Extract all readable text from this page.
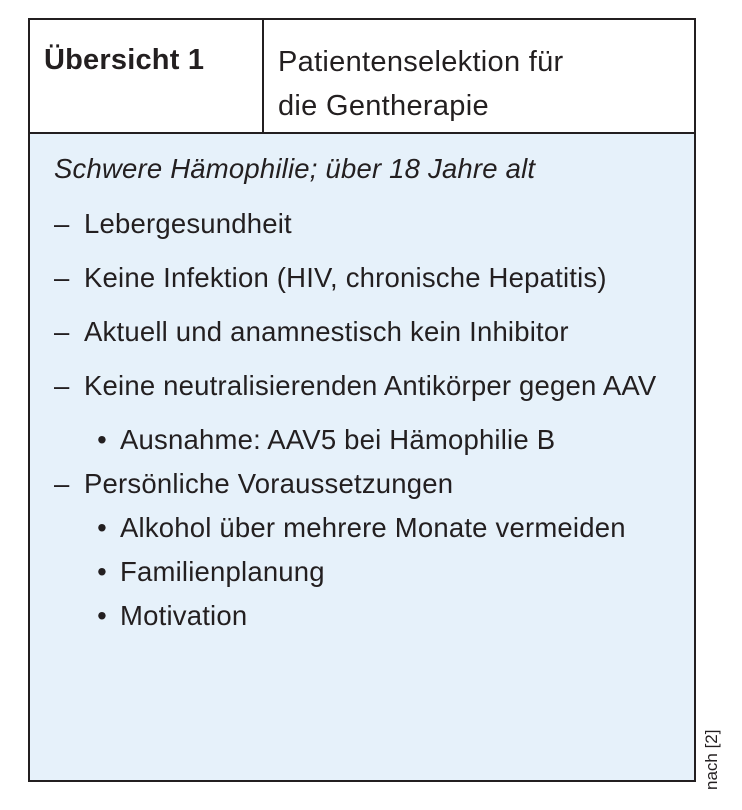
Übersicht 1	Patientenselektion für
die Gentherapie
Schwere Hämophilie; über 18 Jahre alt
– Lebergesundheit
– Keine Infektion (HIV, chronische Hepatitis)
– Aktuell und anamnestisch kein Inhibitor
– Keine neutralisierenden Antikörper gegen AAV
• Ausnahme: AAV5 bei Hämophilie B
– Persönliche Voraussetzungen
• Alkohol über mehrere Monate vermeiden
• Familienplanung
• Motivation
nach [2]
